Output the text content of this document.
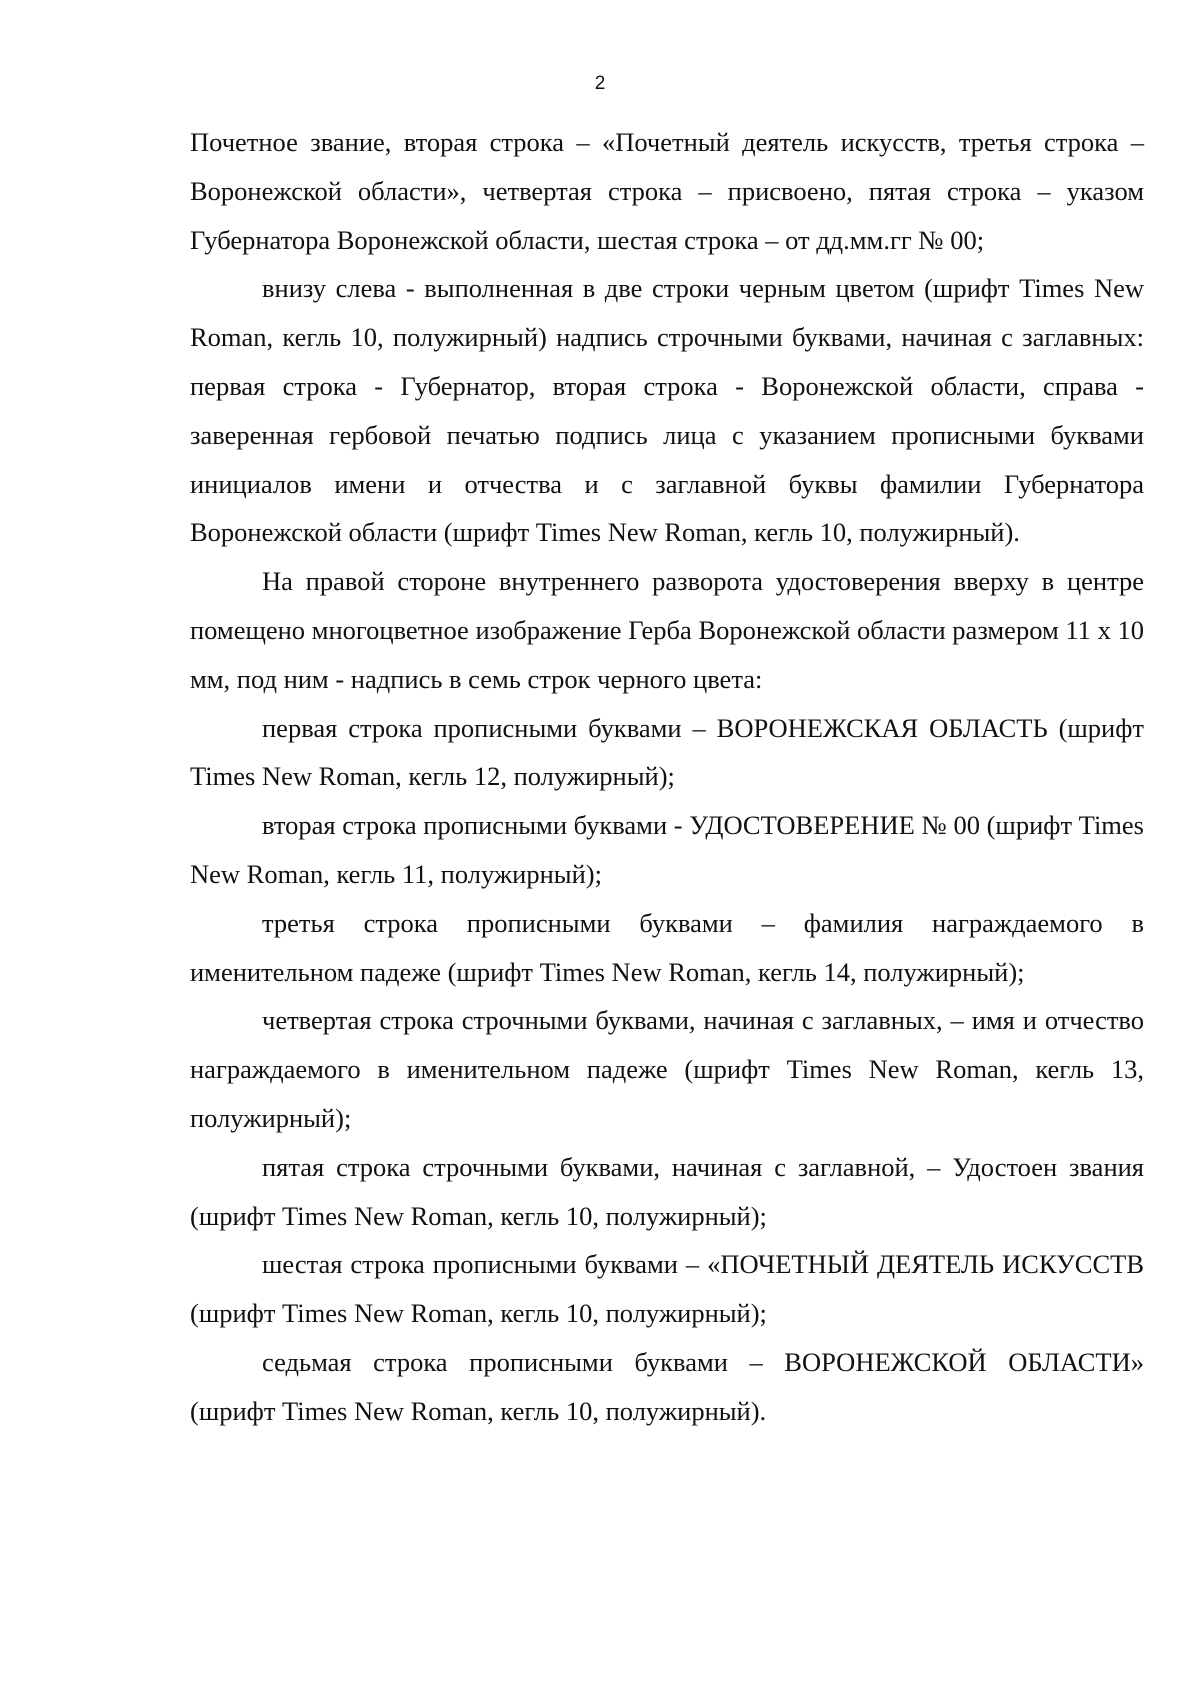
2

Почетное звание, вторая строка – «Почетный деятель искусств, третья строка – Воронежской области», четвертая строка – присвоено, пятая строка – указом Губернатора Воронежской области, шестая строка – от дд.мм.гг № 00;

внизу слева - выполненная в две строки черным цветом (шрифт Times New Roman, кегль 10, полужирный) надпись строчными буквами, начиная с заглавных: первая строка - Губернатор, вторая строка - Воронежской области, справа - заверенная гербовой печатью подпись лица с указанием прописными буквами инициалов имени и отчества и с заглавной буквы фамилии Губернатора Воронежской области (шрифт Times New Roman, кегль 10, полужирный).

На правой стороне внутреннего разворота удостоверения вверху в центре помещено многоцветное изображение Герба Воронежской области размером 11 х 10 мм, под ним - надпись в семь строк черного цвета:

первая строка прописными буквами – ВОРОНЕЖСКАЯ ОБЛАСТЬ (шрифт Times New Roman, кегль 12, полужирный);

вторая строка прописными буквами - УДОСТОВЕРЕНИЕ № 00 (шрифт Times New Roman, кегль 11, полужирный);

третья строка прописными буквами – фамилия награждаемого в именительном падеже (шрифт Times New Roman, кегль 14, полужирный);

четвертая строка строчными буквами, начиная с заглавных, – имя и отчество награждаемого в именительном падеже (шрифт Times New Roman, кегль 13, полужирный);

пятая строка строчными буквами, начиная с заглавной, – Удостоен звания (шрифт Times New Roman, кегль 10, полужирный);

шестая строка прописными буквами – «ПОЧЕТНЫЙ ДЕЯТЕЛЬ ИСКУССТВ (шрифт Times New Roman, кегль 10, полужирный);

седьмая строка прописными буквами – ВОРОНЕЖСКОЙ ОБЛАСТИ» (шрифт Times New Roman, кегль 10, полужирный).
